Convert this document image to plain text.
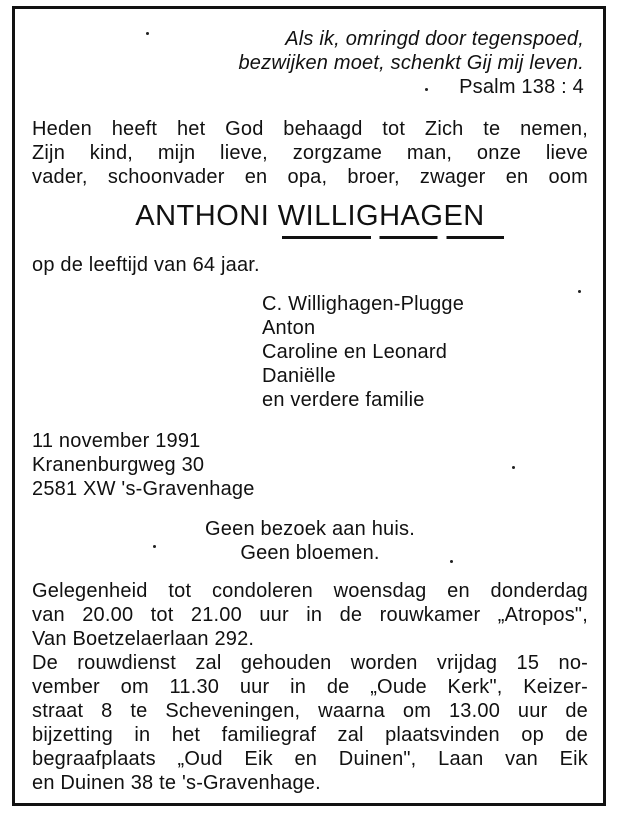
Als ik, omringd door tegenspoed,

bezwijken moet, schenkt Gij mij leven.

Psalm 138 : 4

Heden heeft het God behaagd tot Zich te nemen,

Zijn kind, mijn lieve, zorgzame man, onze lieve

vader, schoonvader en opa, broer, zwager en oom

ANTHONI WILLIGHAGEN

op de leeftijd van 64 jaar.

C. Willighagen-Plugge

Anton

Caroline en Leonard

Daniëlle

en verdere familie

11 november 1991

Kranenburgweg 30

2581 XW 's-Gravenhage

Geen bezoek aan huis.

Geen bloemen.

Gelegenheid tot condoleren woensdag en donderdag

van 20.00 tot 21.00 uur in de rouwkamer „Atropos",

Van Boetzelaerlaan 292.

De rouwdienst zal gehouden worden vrijdag 15 no-

vember om 11.30 uur in de „Oude Kerk", Keizer-

straat 8 te Scheveningen, waarna om 13.00 uur de

bijzetting in het familiegraf zal plaatsvinden op de

begraafplaats „Oud Eik en Duinen", Laan van Eik

en Duinen 38 te 's-Gravenhage.
